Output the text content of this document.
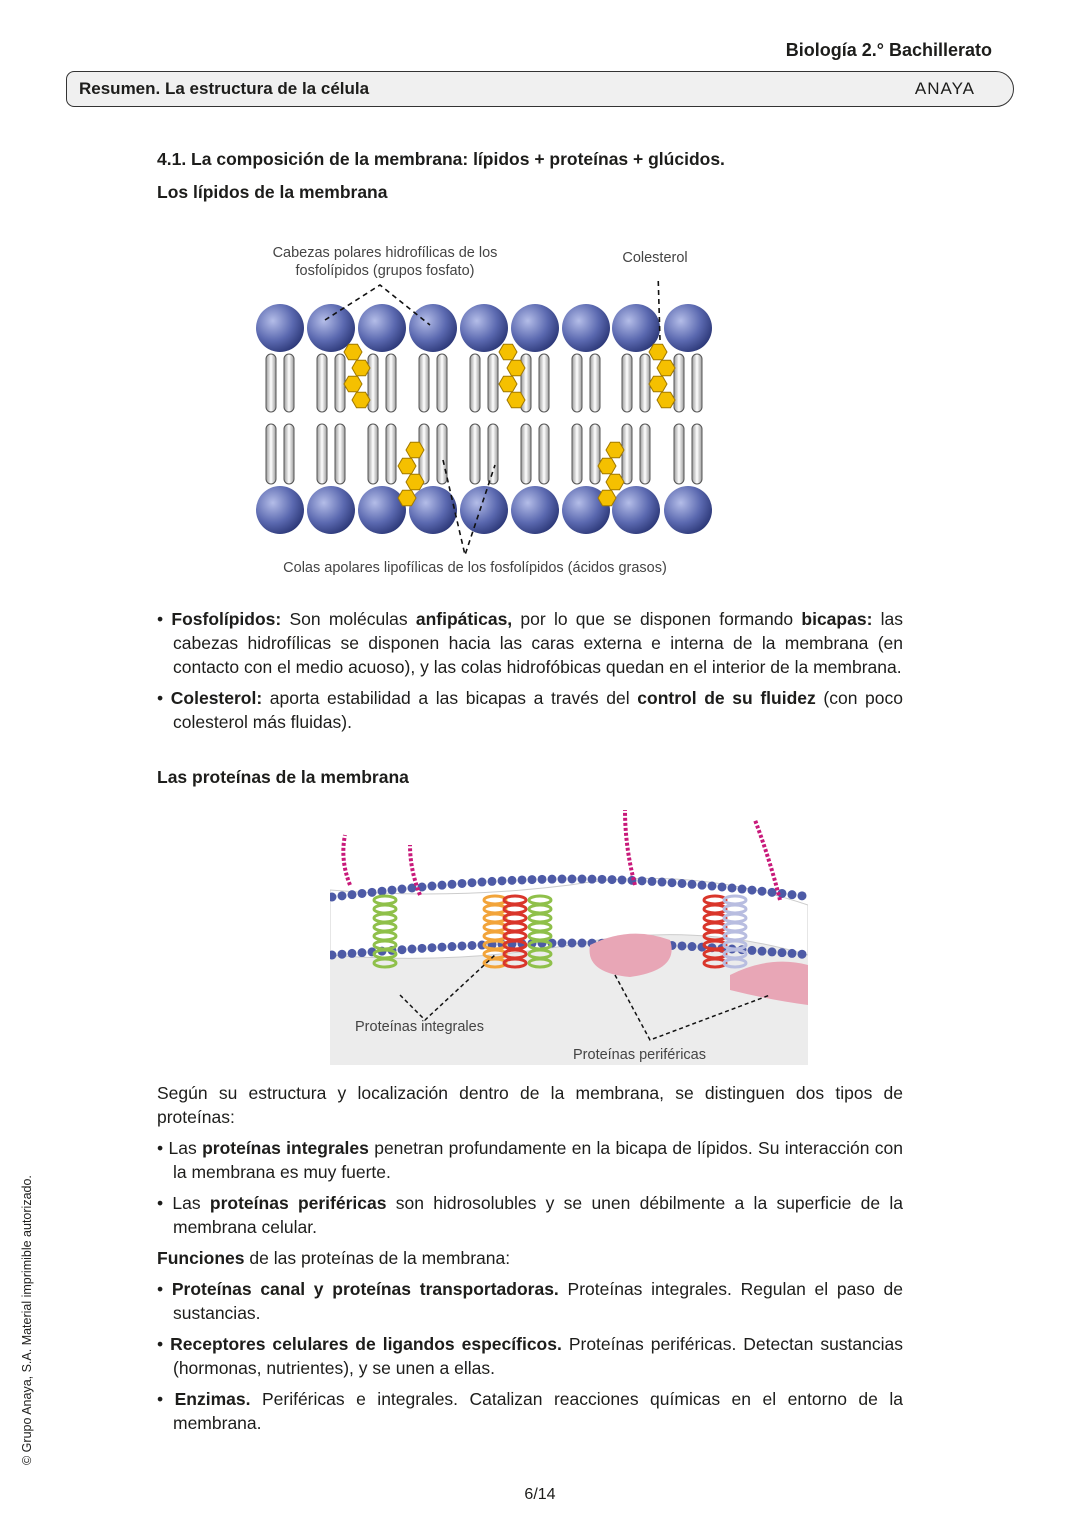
Biología 2.° Bachillerato
Resumen. La estructura de la célula	ANAYA
4.1. La composición de la membrana: lípidos + proteínas + glúcidos.
Los lípidos de la membrana
Cabezas polares hidrofílicas de los fosfolípidos (grupos fosfato)
Colesterol
Colas apolares lipofílicas de los fosfolípidos (ácidos grasos)
• Fosfolípidos: Son moléculas anfipáticas, por lo que se disponen formando bicapas: las cabezas hidrofílicas se disponen hacia las caras externa e interna de la membrana (en contacto con el medio acuoso), y las colas hidrofóbicas quedan en el interior de la membrana.
• Colesterol: aporta estabilidad a las bicapas a través del control de su fluidez (con poco colesterol más fluidas).
Las proteínas de la membrana
Proteínas integrales
Proteínas periféricas
Según su estructura y localización dentro de la membrana, se distinguen dos tipos de proteínas:
• Las proteínas integrales penetran profundamente en la bicapa de lípidos. Su interacción con la membrana es muy fuerte.
• Las proteínas periféricas son hidrosolubles y se unen débilmente a la superficie de la membrana celular.
Funciones de las proteínas de la membrana:
• Proteínas canal y proteínas transportadoras. Proteínas integrales. Regulan el paso de sustancias.
• Receptores celulares de ligandos específicos. Proteínas periféricas. Detectan sustancias (hormonas, nutrientes), y se unen a ellas.
• Enzimas. Periféricas e integrales. Catalizan reacciones químicas en el entorno de la membrana.
© Grupo Anaya, S.A. Material imprimible autorizado.
6/14
